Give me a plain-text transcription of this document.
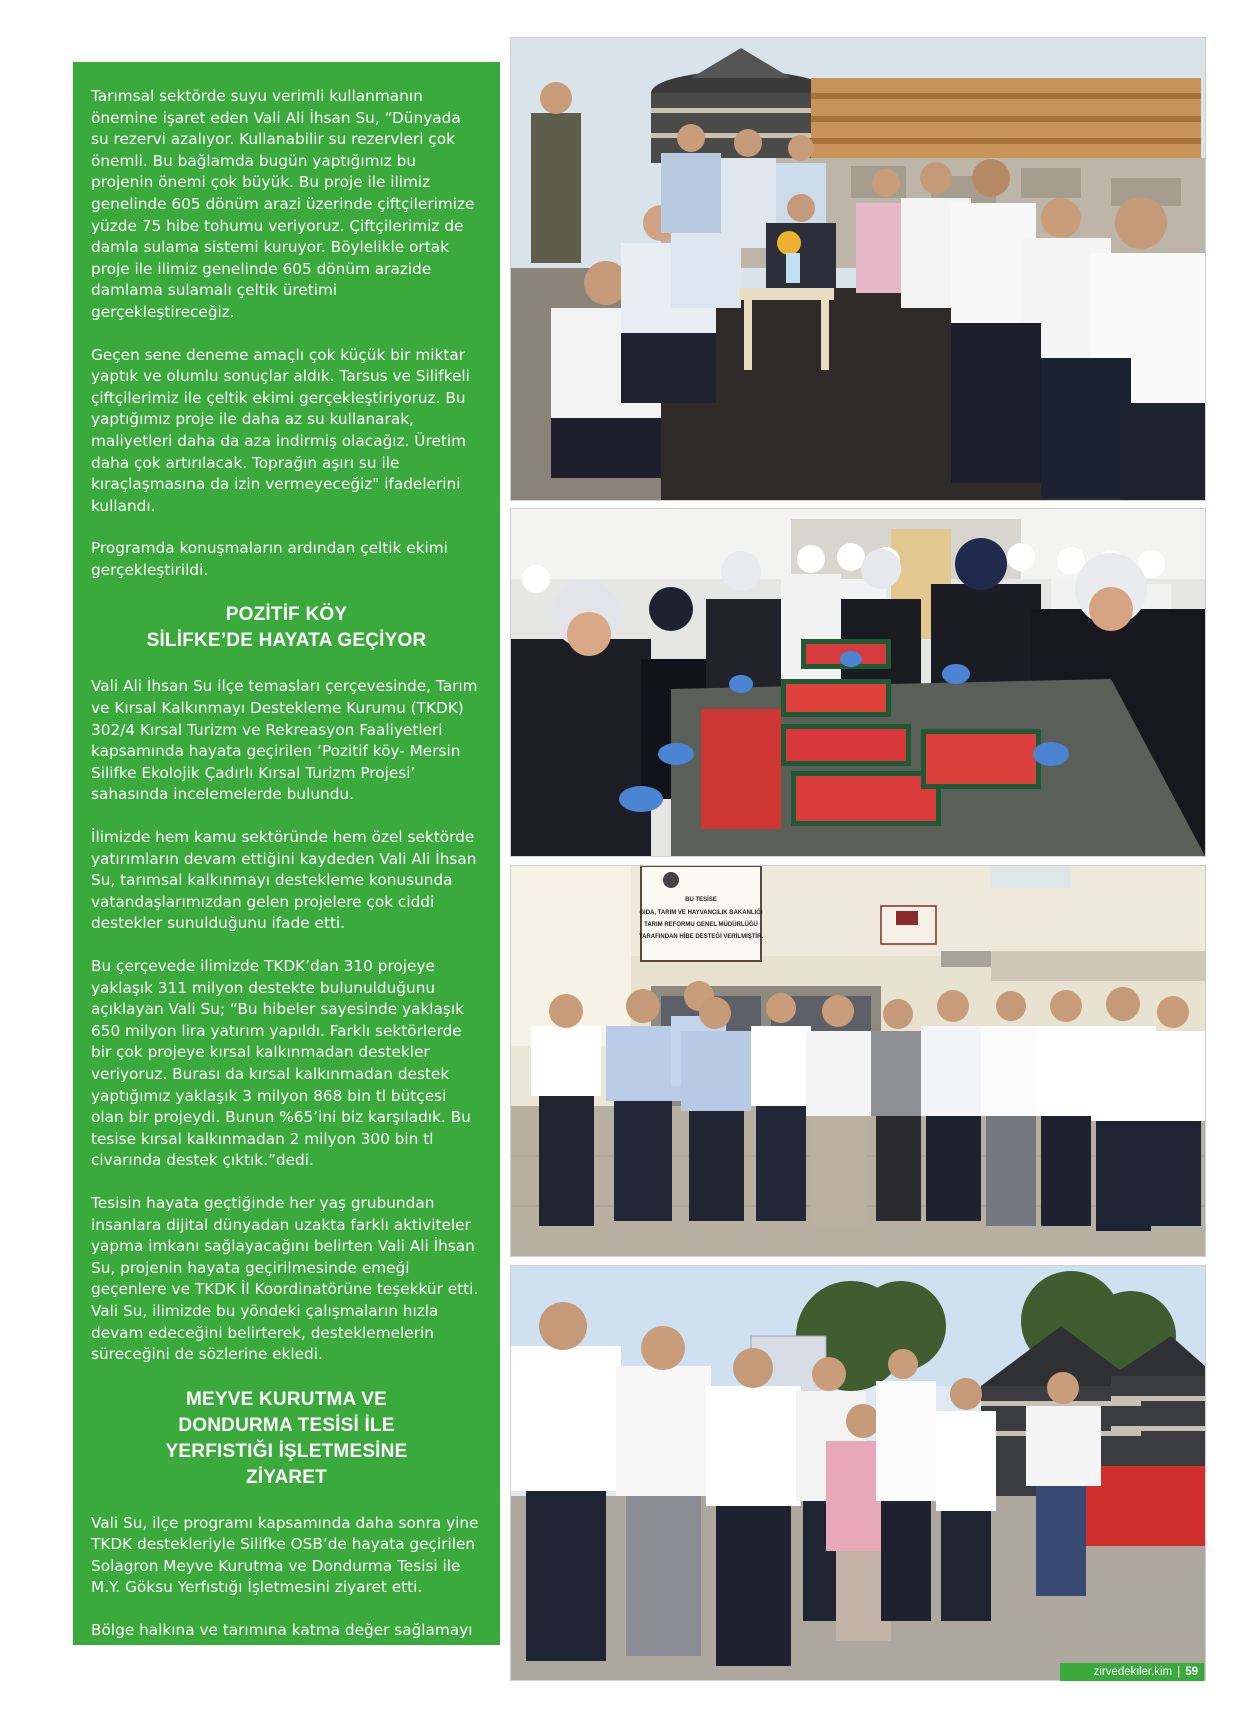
Tarımsal sektörde suyu verimli kullanmanın önemine işaret eden Vali Ali İhsan Su, “Dünyada su rezervi azalıyor. Kullanabilir su rezervleri çok önemli. Bu bağlamda bugün yaptığımız bu projenin önemi çok büyük. Bu proje ile ilimiz genelinde 605 dönüm arazi üzerinde çiftçilerimize yüzde 75 hibe tohumu veriyoruz. Çiftçilerimiz de damla sulama sistemi kuruyor. Böylelikle ortak proje ile ilimiz genelinde 605 dönüm arazide damlama sulamalı çeltik üretimi gerçekleştireceğiz.

Geçen sene deneme amaçlı çok küçük bir miktar yaptık ve olumlu sonuçlar aldık. Tarsus ve Silifkeli çiftçilerimiz ile çeltik ekimi gerçekleştiriyoruz. Bu yaptığımız proje ile daha az su kullanarak, maliyetleri daha da aza indirmiş olacağız. Üretim daha çok artırılacak. Toprağın aşırı su ile kıraçlaşmasına da izin vermeyeceğiz" ifadelerini kullandı.

Programda konuşmaların ardından çeltik ekimi gerçekleştirildi.

POZİTİF KÖY
SİLİFKE’DE HAYATA GEÇİYOR

Vali Ali İhsan Su ilçe temasları çerçevesinde, Tarım ve Kırsal Kalkınmayı Destekleme Kurumu (TKDK) 302/4 Kırsal Turizm ve Rekreasyon Faaliyetleri kapsamında hayata geçirilen ‘Pozitif köy- Mersin Silifke Ekolojik Çadırlı Kırsal Turizm Projesi’ sahasında incelemelerde bulundu.

İlimizde hem kamu sektöründe hem özel sektörde yatırımların devam ettiğini kaydeden Vali Ali İhsan Su, tarımsal kalkınmayı destekleme konusunda vatandaşlarımızdan gelen projelere çok ciddi destekler sunulduğunu ifade etti.

Bu çerçevede ilimizde TKDK’dan 310 projeye yaklaşık 311 milyon destekte bulunulduğunu açıklayan Vali Su; “Bu hibeler sayesinde yaklaşık 650 milyon lira yatırım yapıldı. Farklı sektörlerde bir çok projeye kırsal kalkınmadan destekler veriyoruz. Burası da kırsal kalkınmadan destek yaptığımız yaklaşık 3 milyon 868 bin tl bütçesi olan bir projeydi. Bunun %65’ini biz karşıladık. Bu tesise kırsal kalkınmadan 2 milyon 300 bin tl civarında destek çıktık.”dedi.

Tesisin hayata geçtiğinde her yaş grubundan insanlara dijital dünyadan uzakta farklı aktiviteler yapma imkanı sağlayacağını belirten Vali Ali İhsan Su, projenin hayata geçirilmesinde emeği geçenlere ve TKDK İl Koordinatörüne teşekkür etti. Vali Su, ilimizde bu yöndeki çalışmaların hızla devam edeceğini belirterek, desteklemelerin süreceğini de sözlerine ekledi.

MEYVE KURUTMA VE
DONDURMA TESİSİ İLE
YERFISTIĞI İŞLETMESİNE
ZİYARET

Vali Su, ilçe programı kapsamında daha sonra yine TKDK destekleriyle Silifke OSB’de hayata geçirilen Solagron Meyve Kurutma ve Dondurma Tesisi ile M.Y. Göksu Yerfıstığı İşletmesini ziyaret etti.

Bölge halkına ve tarımına katma değer sağlamayı amaçlayan tesislerde üretim kapasitesi, pazarlama, ve sağladıkları istihdam hakkında yetkililerden bilgi alan Vali Su, incelemelerinin ardından ilçeden ayrıldı.

BU TESİSE
GIDA, TARIM VE HAYVANCILIK BAKANLIĞI
TARIM REFORMU GENEL MÜDÜRLÜĞÜ
TARAFINDAN HİBE DESTEĞİ VERİLMİŞTİR.
zirvedekiler.kim | 59
